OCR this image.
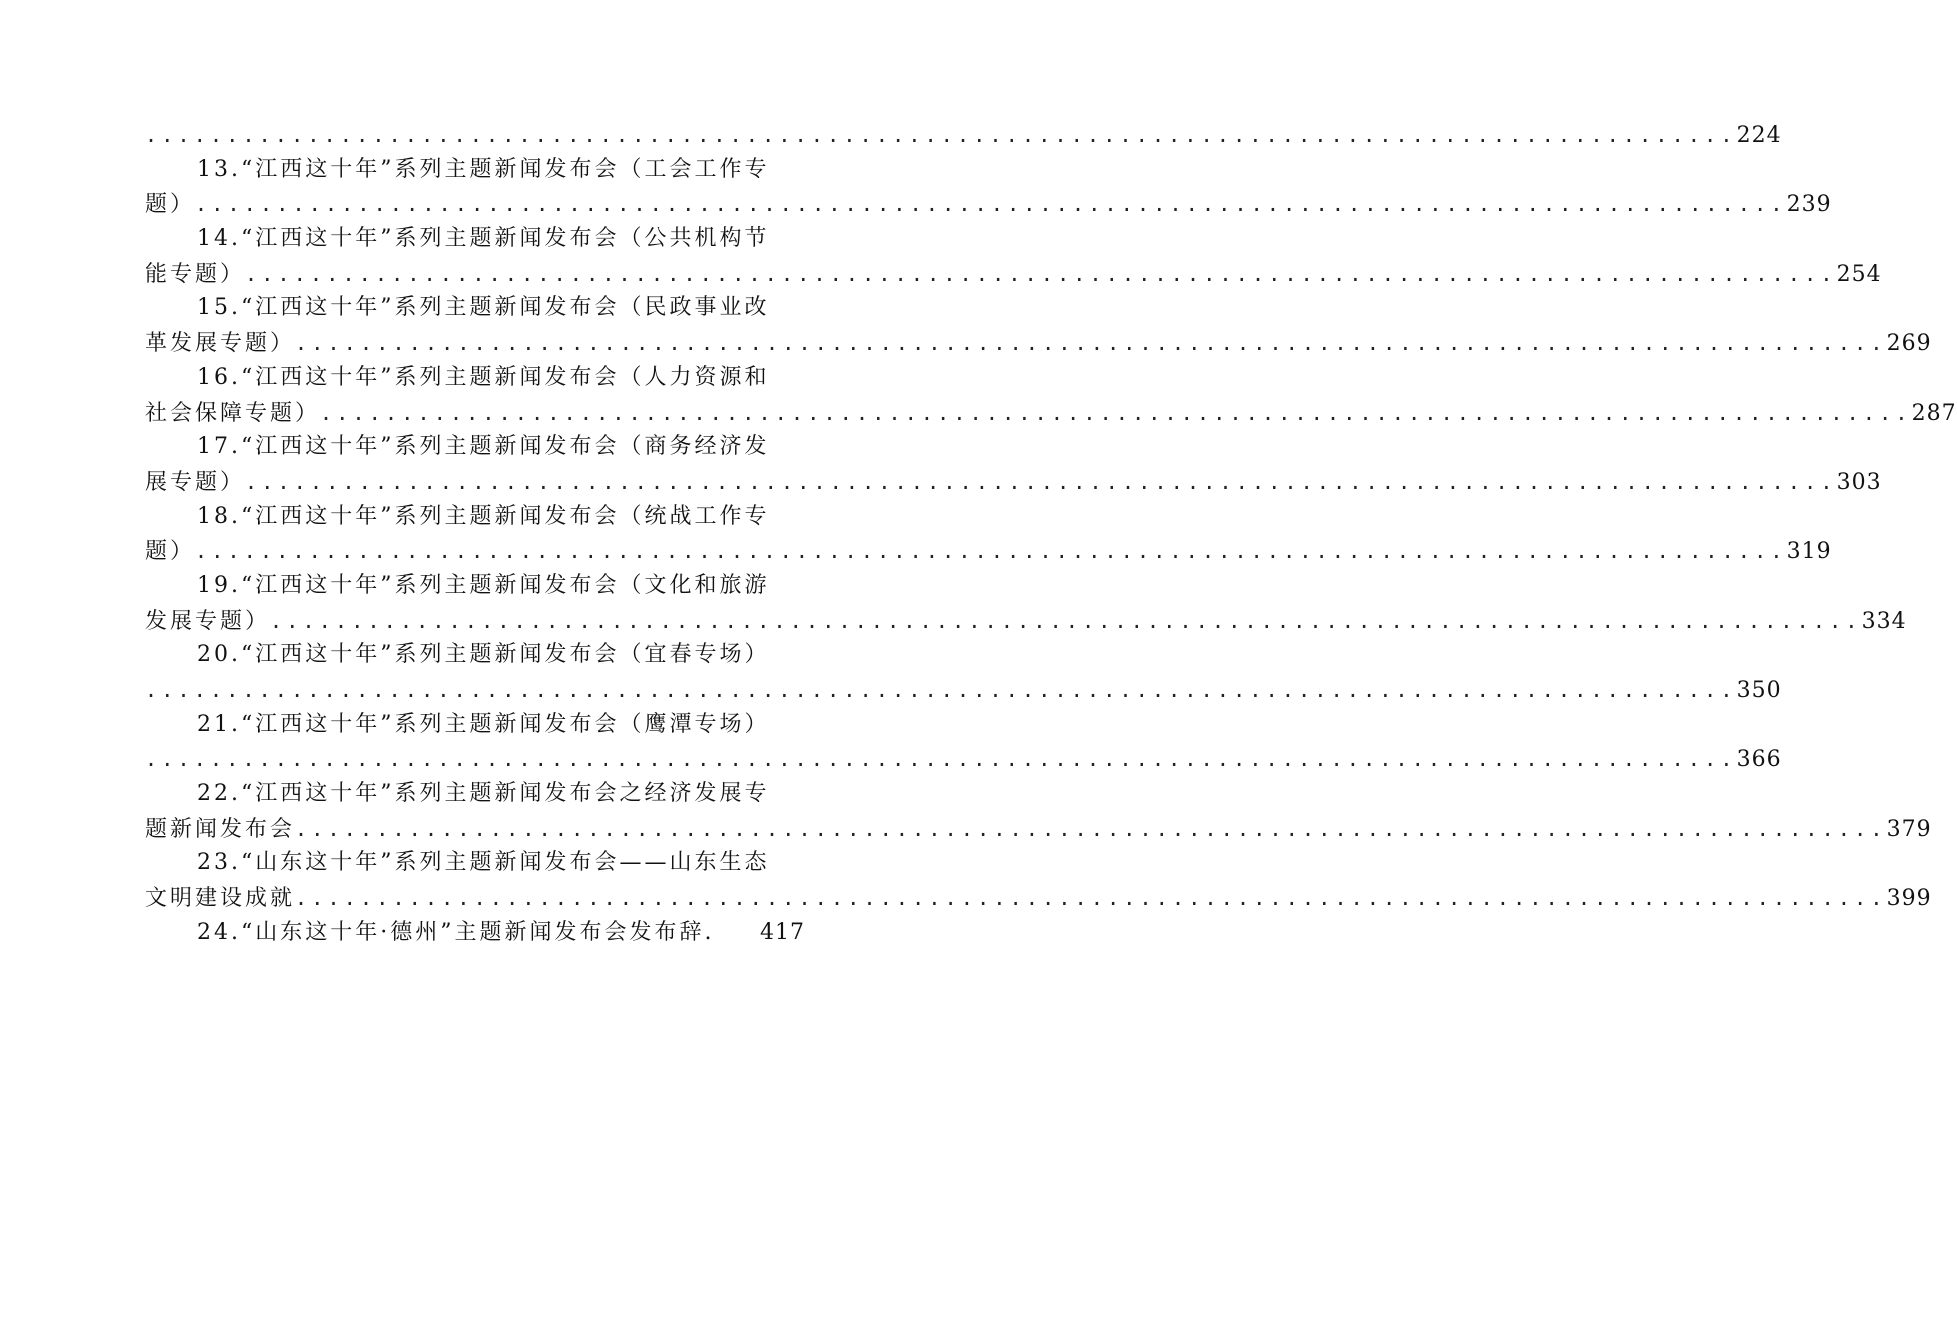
.................................................................................................. 224
13.“江西这十年”系列主题新闻发布会（工会工作专
题） .................................................................................................. 239
14.“江西这十年”系列主题新闻发布会（公共机构节
能专题） .................................................................................................. 254
15.“江西这十年”系列主题新闻发布会（民政事业改
革发展专题） .................................................................................................. 269
16.“江西这十年”系列主题新闻发布会（人力资源和
社会保障专题） .................................................................................................. 287
17.“江西这十年”系列主题新闻发布会（商务经济发
展专题） .................................................................................................. 303
18.“江西这十年”系列主题新闻发布会（统战工作专
题） .................................................................................................. 319
19.“江西这十年”系列主题新闻发布会（文化和旅游
发展专题） .................................................................................................. 334
20.“江西这十年”系列主题新闻发布会（宜春专场）
.................................................................................................. 350
21.“江西这十年”系列主题新闻发布会（鹰潭专场）
.................................................................................................. 366
22.“江西这十年”系列主题新闻发布会之经济发展专
题新闻发布会 .................................................................................................. 379
23.“山东这十年”系列主题新闻发布会——山东生态
文明建设成就 .................................................................................................. 399
24.“山东这十年·德州”主题新闻发布会发布辞. 417
